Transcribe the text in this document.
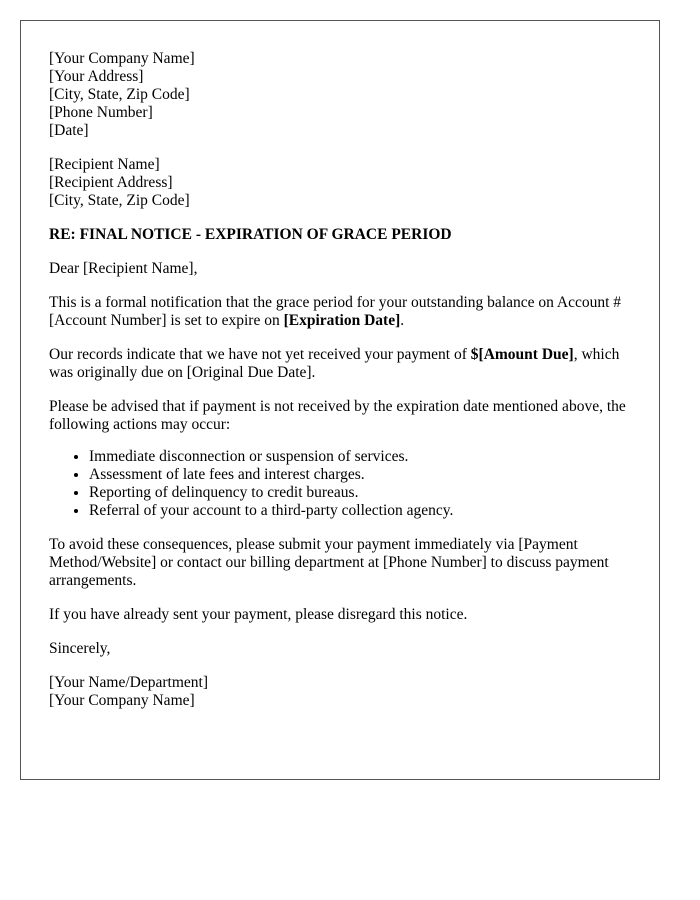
[Your Company Name]
[Your Address]
[City, State, Zip Code]
[Phone Number]
[Date]
[Recipient Name]
[Recipient Address]
[City, State, Zip Code]

RE: FINAL NOTICE - EXPIRATION OF GRACE PERIOD

Dear [Recipient Name],

This is a formal notification that the grace period for your outstanding balance on Account #[Account Number] is set to expire on [Expiration Date].

Our records indicate that we have not yet received your payment of $[Amount Due], which was originally due on [Original Due Date].

Please be advised that if payment is not received by the expiration date mentioned above, the following actions may occur:

• Immediate disconnection or suspension of services.
• Assessment of late fees and interest charges.
• Reporting of delinquency to credit bureaus.
• Referral of your account to a third-party collection agency.

To avoid these consequences, please submit your payment immediately via [Payment Method/Website] or contact our billing department at [Phone Number] to discuss payment arrangements.

If you have already sent your payment, please disregard this notice.

Sincerely,

[Your Name/Department]
[Your Company Name]
